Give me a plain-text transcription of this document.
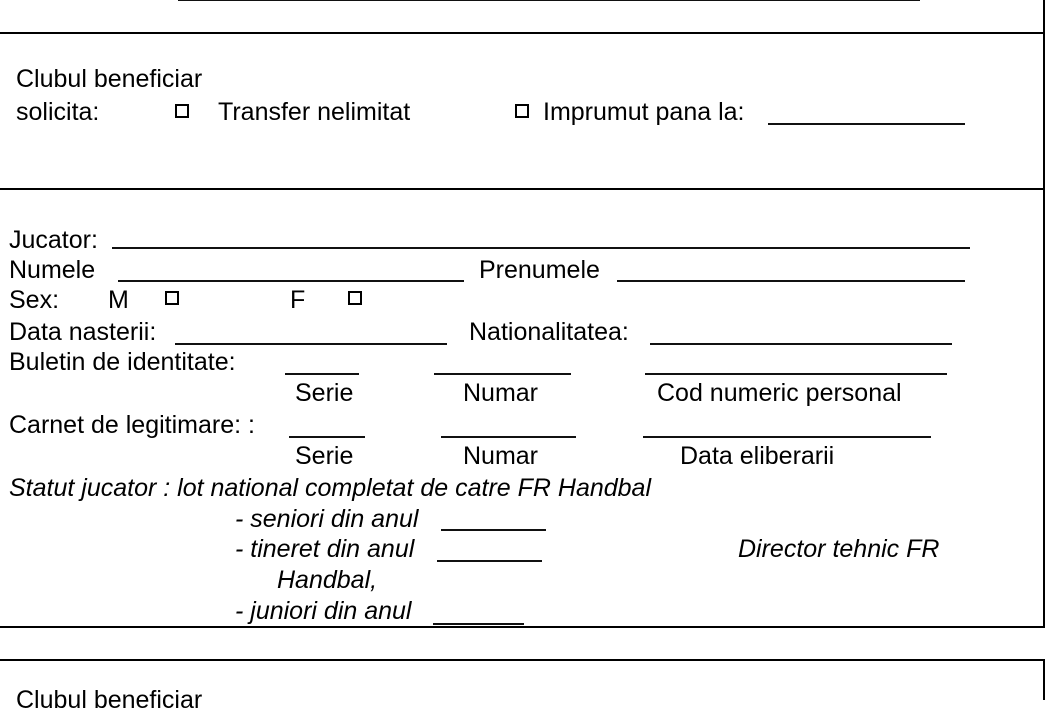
Clubul beneficiar
solicita:	Transfer nelimitat	Imprumut pana la:
Jucator:
Numele	Prenumele
Sex: M	F
Data nasterii:	Nationalitatea:
Buletin de identitate:
Serie	Numar	Cod numeric personal
Carnet de legitimare: :
Serie	Numar	Data eliberarii
Statut jucator : lot national completat de catre FR Handbal
- seniori din anul
- tineret din anul	Director tehnic FR
Handbal,
- juniori din anul
Clubul beneficiar
